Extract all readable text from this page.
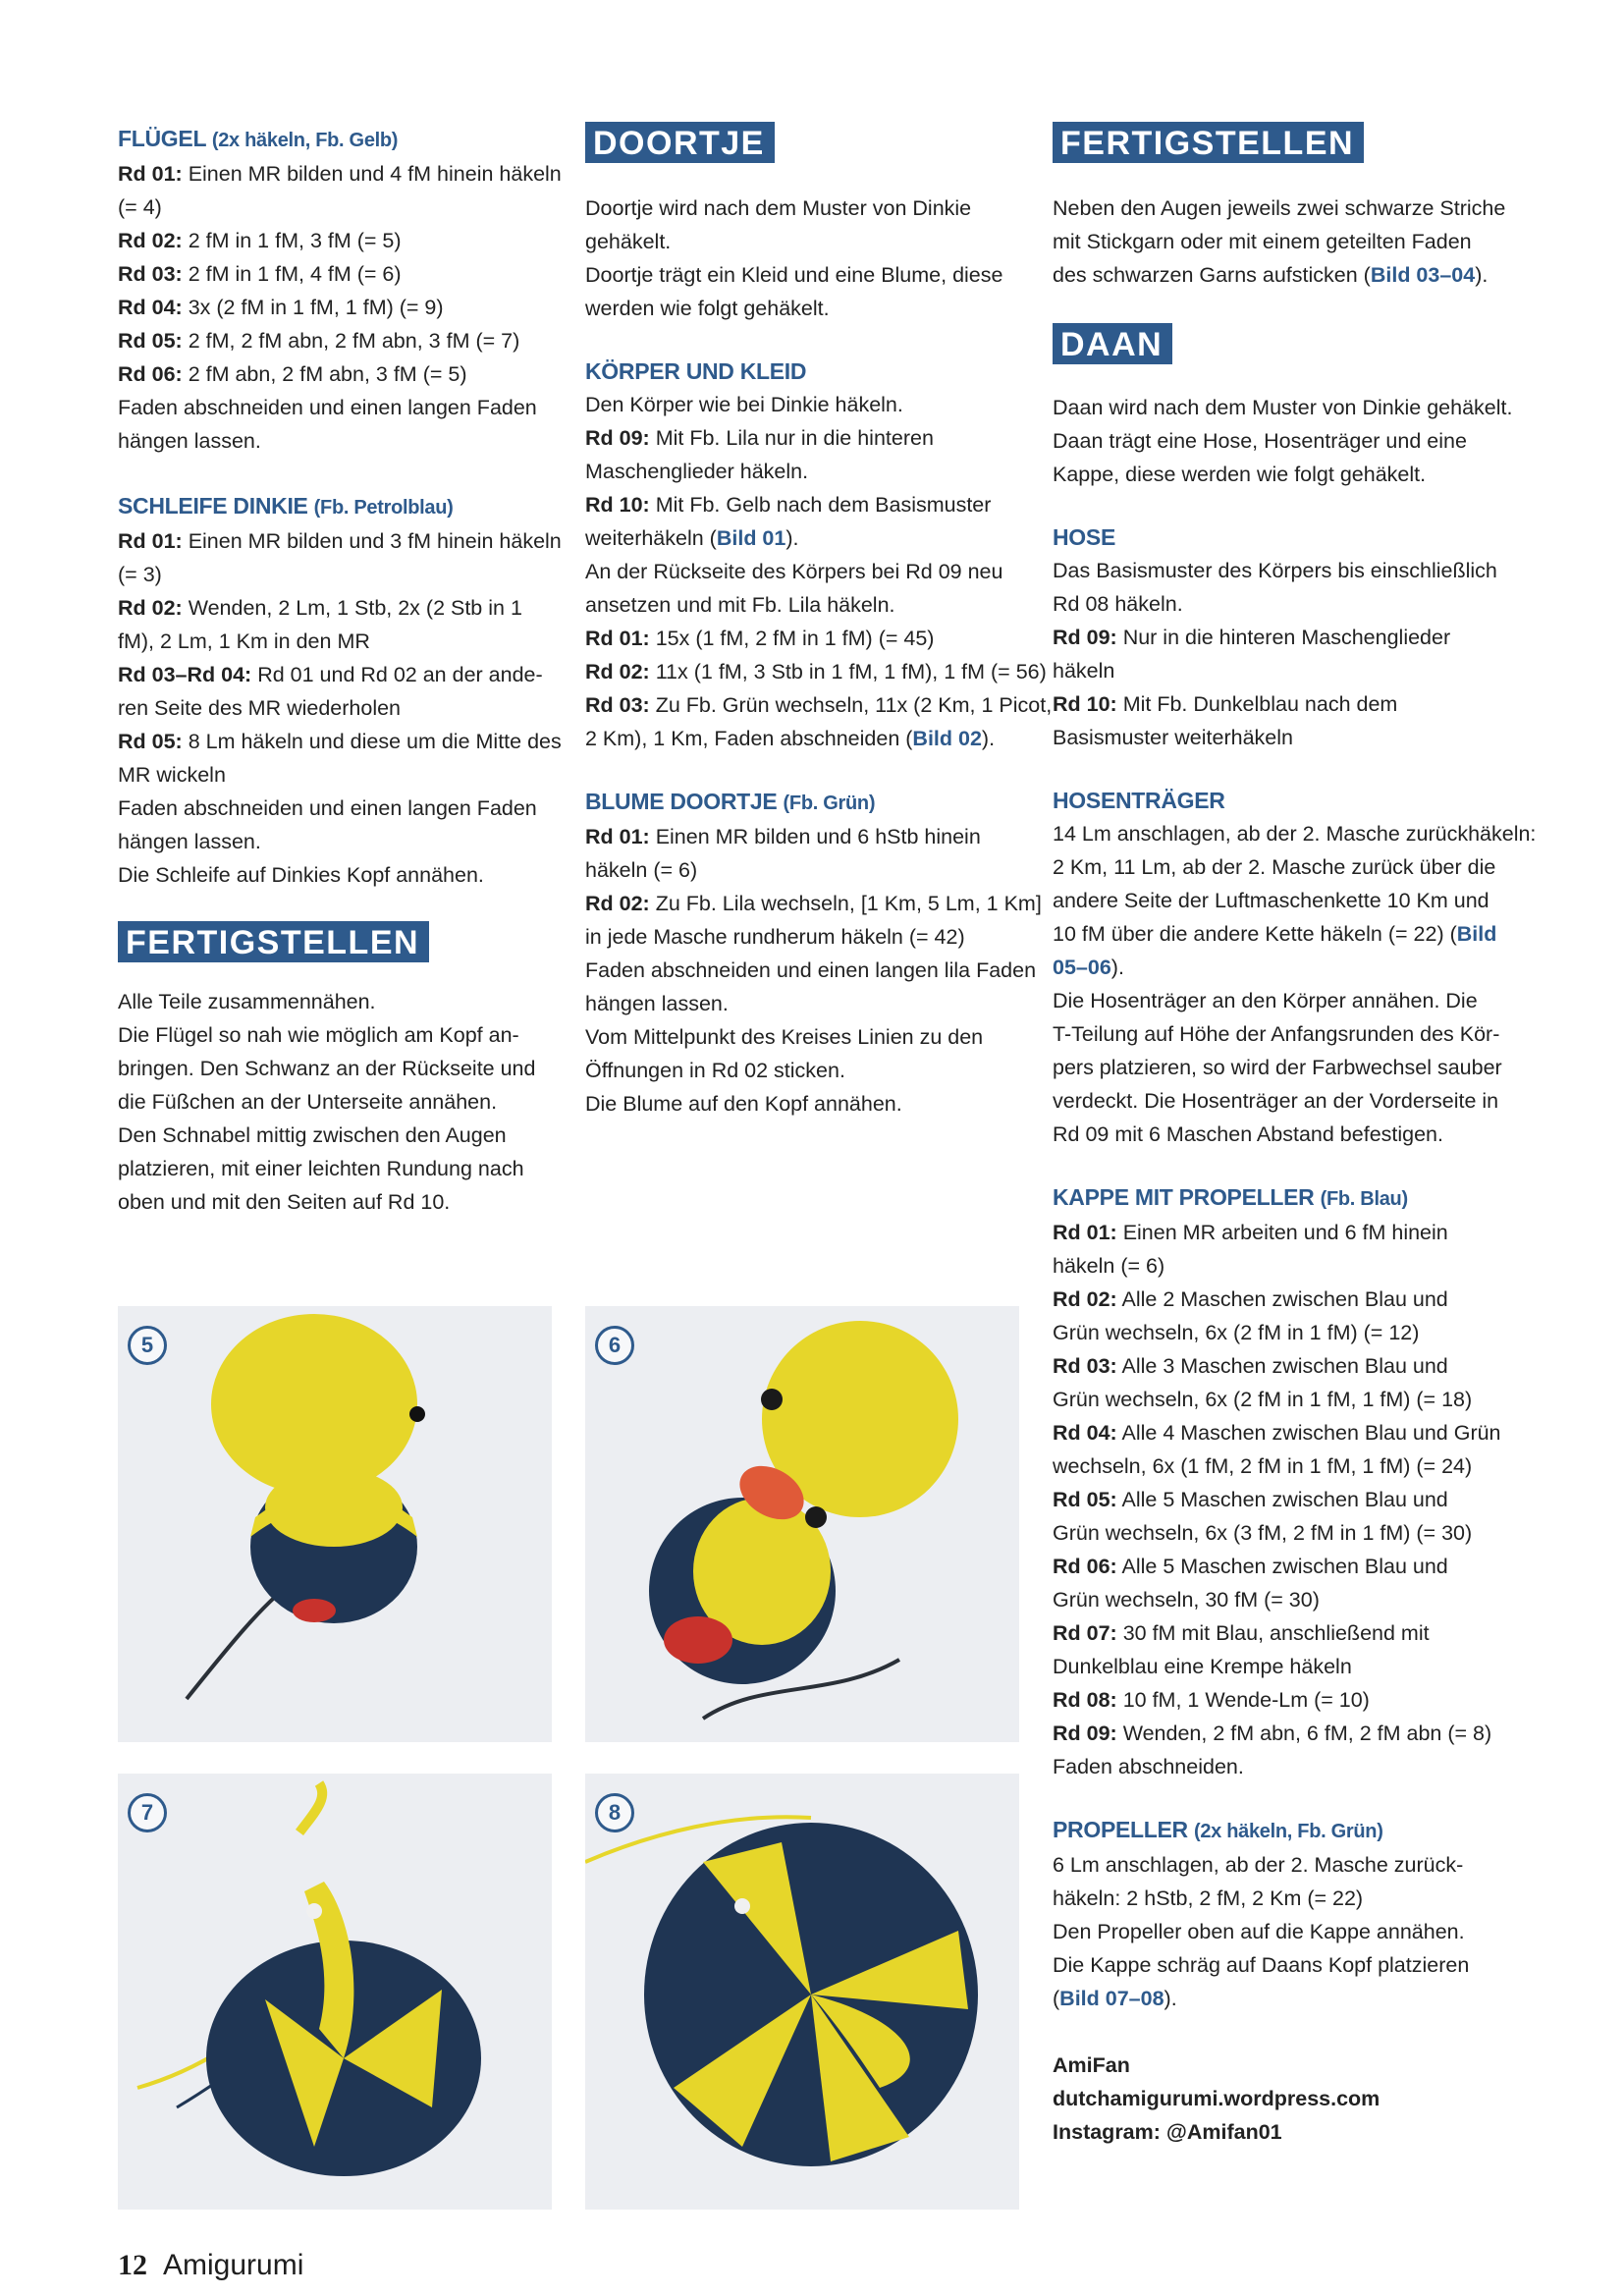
FLÜGEL (2x häkeln, Fb. Gelb)
Rd 01: Einen MR bilden und 4 fM hinein häkeln
(= 4)
Rd 02: 2 fM in 1 fM, 3 fM (= 5)
Rd 03: 2 fM in 1 fM, 4 fM (= 6)
Rd 04: 3x (2 fM in 1 fM, 1 fM) (= 9)
Rd 05: 2 fM, 2 fM abn, 2 fM abn, 3 fM (= 7)
Rd 06: 2 fM abn, 2 fM abn, 3 fM (= 5)
Faden abschneiden und einen langen Faden
hängen lassen.
SCHLEIFE DINKIE (Fb. Petrolblau)
Rd 01: Einen MR bilden und 3 fM hinein häkeln
(= 3)
Rd 02: Wenden, 2 Lm, 1 Stb, 2x (2 Stb in 1
fM), 2 Lm, 1 Km in den MR
Rd 03–Rd 04: Rd 01 und Rd 02 an der ande-
ren Seite des MR wiederholen
Rd 05: 8 Lm häkeln und diese um die Mitte des
MR wickeln
Faden abschneiden und einen langen Faden
hängen lassen.
Die Schleife auf Dinkies Kopf annähen.
FERTIGSTELLEN
Alle Teile zusammennähen.
Die Flügel so nah wie möglich am Kopf an-
bringen. Den Schwanz an der Rückseite und
die Füßchen an der Unterseite annähen.
Den Schnabel mittig zwischen den Augen
platzieren, mit einer leichten Rundung nach
oben und mit den Seiten auf Rd 10.
DOORTJE
Doortje wird nach dem Muster von Dinkie
gehäkelt.
Doortje trägt ein Kleid und eine Blume, diese
werden wie folgt gehäkelt.
KÖRPER UND KLEID
Den Körper wie bei Dinkie häkeln.
Rd 09: Mit Fb. Lila nur in die hinteren
Maschenglieder häkeln.
Rd 10: Mit Fb. Gelb nach dem Basismuster
weiterhäkeln (Bild 01).
An der Rückseite des Körpers bei Rd 09 neu
ansetzen und mit Fb. Lila häkeln.
Rd 01: 15x (1 fM, 2 fM in 1 fM) (= 45)
Rd 02: 11x (1 fM, 3 Stb in 1 fM, 1 fM), 1 fM (= 56)
Rd 03: Zu Fb. Grün wechseln, 11x (2 Km, 1 Picot,
2 Km), 1 Km, Faden abschneiden (Bild 02).
BLUME DOORTJE (Fb. Grün)
Rd 01: Einen MR bilden und 6 hStb hinein
häkeln (= 6)
Rd 02: Zu Fb. Lila wechseln, [1 Km, 5 Lm, 1 Km]
in jede Masche rundherum häkeln (= 42)
Faden abschneiden und einen langen lila Faden
hängen lassen.
Vom Mittelpunkt des Kreises Linien zu den
Öffnungen in Rd 02 sticken.
Die Blume auf den Kopf annähen.
FERTIGSTELLEN
Neben den Augen jeweils zwei schwarze Striche
mit Stickgarn oder mit einem geteilten Faden
des schwarzen Garns aufsticken (Bild 03–04).
DAAN
Daan wird nach dem Muster von Dinkie gehäkelt.
Daan trägt eine Hose, Hosenträger und eine
Kappe, diese werden wie folgt gehäkelt.
HOSE
Das Basismuster des Körpers bis einschließlich
Rd 08 häkeln.
Rd 09: Nur in die hinteren Maschenglieder
häkeln
Rd 10: Mit Fb. Dunkelblau nach dem
Basismuster weiterhäkeln
HOSENTRÄGER
14 Lm anschlagen, ab der 2. Masche zurückhäkeln:
2 Km, 11 Lm, ab der 2. Masche zurück über die
andere Seite der Luftmaschenkette 10 Km und
10 fM über die andere Kette häkeln (= 22) (Bild
05–06).
Die Hosenträger an den Körper annähen. Die
T-Teilung auf Höhe der Anfangsrunden des Kör-
pers platzieren, so wird der Farbwechsel sauber
verdeckt. Die Hosenträger an der Vorderseite in
Rd 09 mit 6 Maschen Abstand befestigen.
KAPPE MIT PROPELLER (Fb. Blau)
Rd 01: Einen MR arbeiten und 6 fM hinein
häkeln (= 6)
Rd 02: Alle 2 Maschen zwischen Blau und
Grün wechseln, 6x (2 fM in 1 fM) (= 12)
Rd 03: Alle 3 Maschen zwischen Blau und
Grün wechseln, 6x (2 fM in 1 fM, 1 fM) (= 18)
Rd 04: Alle 4 Maschen zwischen Blau und Grün
wechseln, 6x (1 fM, 2 fM in 1 fM, 1 fM) (= 24)
Rd 05: Alle 5 Maschen zwischen Blau und
Grün wechseln, 6x (3 fM, 2 fM in 1 fM) (= 30)
Rd 06: Alle 5 Maschen zwischen Blau und
Grün wechseln, 30 fM (= 30)
Rd 07: 30 fM mit Blau, anschließend mit
Dunkelblau eine Krempe häkeln
Rd 08: 10 fM, 1 Wende-Lm (= 10)
Rd 09: Wenden, 2 fM abn, 6 fM, 2 fM abn (= 8)
Faden abschneiden.
PROPELLER (2x häkeln, Fb. Grün)
6 Lm anschlagen, ab der 2. Masche zurück-
häkeln: 2 hStb, 2 fM, 2 Km (= 22)
Den Propeller oben auf die Kappe annähen.
Die Kappe schräg auf Daans Kopf platzieren
(Bild 07–08).
AmiFan
dutchamigurumi.wordpress.com
Instagram: @Amifan01
5	6
7	8
12 Amigurumi
